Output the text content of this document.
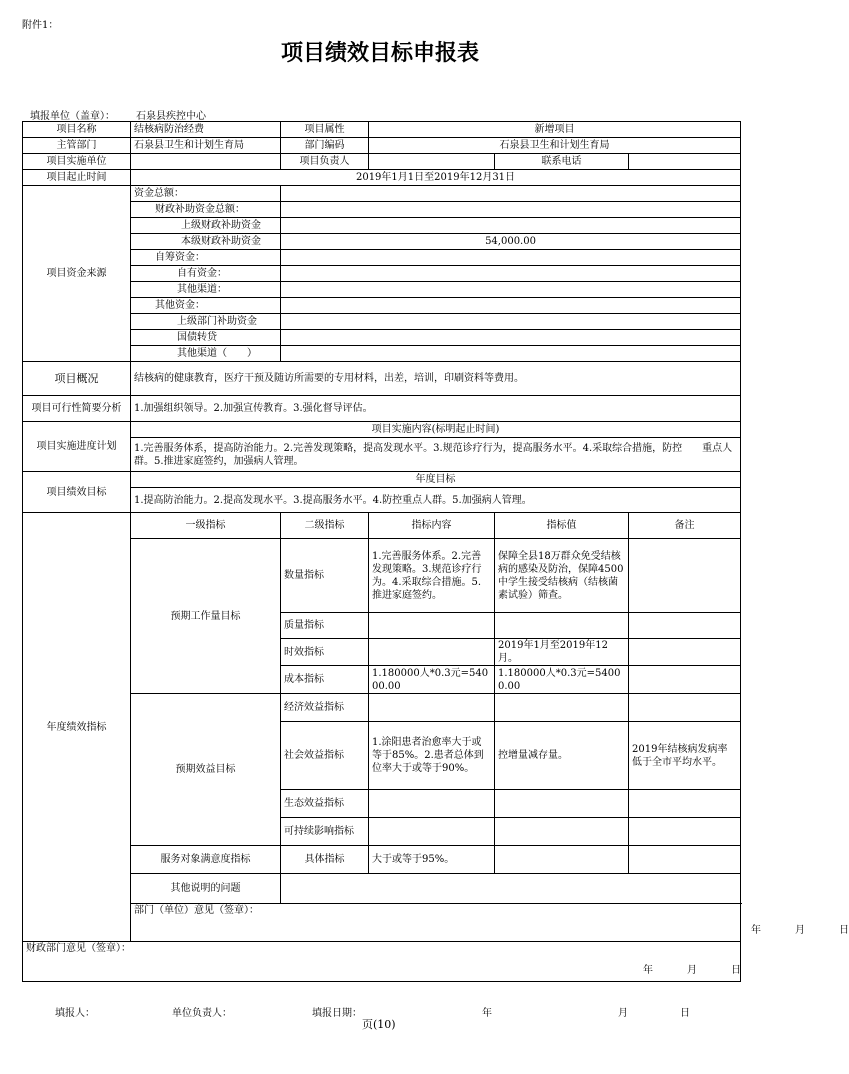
附件1：
项目绩效目标申报表
填报单位（盖章）： 石泉县疾控中心
项目名称	结核病防治经费	项目属性	新增项目		
主管部门	石泉县卫生和计划生育局	部门编码	石泉县卫生和计划生育局		
项目实施单位		项目负责人		联系电话	
项目起止时间	2019年1月1日至2019年12月31日				
项目资金来源	资金总额：				
	财政补助资金总额：				
	上级财政补助资金				
	本级财政补助资金	54,000.00			
	自筹资金：				
	自有资金：				
	其他渠道：				
	其他资金：				
	上级部门补助资金				
	国债转贷				
	其他渠道（　　）				
项目概况	结核病的健康教育，医疗干预及随访所需要的专用材料，出差，培训，印刷资料等费用。				
项目可行性简要分析	1.加强组织领导。2.加强宣传教育。3.强化督导评估。				
项目实施进度计划	项目实施内容(标明起止时间)				
	1.完善服务体系，提高防治能力。2.完善发现策略，提高发现水平。3.规范诊疗行为，提高服务水平。4.采取综合措施，防控　　重点人群。5.推进家庭签约，加强病人管理。				
项目绩效目标	年度目标				
	1.提高防治能力。2.提高发现水平。3.提高服务水平。4.防控重点人群。5.加强病人管理。				
年度绩效指标	一级指标	二级指标	指标内容	指标值	备注
	预期工作量目标	数量指标	1.完善服务体系。2.完善发现策略。3.规范诊疗行为。4.采取综合措施。5.推进家庭签约。	保障全县18万群众免受结核病的感染及防治，保障4500中学生接受结核病（结核菌素试验）筛查。	
		质量指标			
		时效指标		2019年1月至2019年12月。	
		成本指标	1.180000人*0.3元=54000.00	1.180000人*0.3元=54000.00	
	预期效益目标	经济效益指标			
		社会效益指标	1.涂阳患者治愈率大于或等于85%。2.患者总体到位率大于或等于90%。	控增量减存量。	2019年结核病发病率低于全市平均水平。
		生态效益指标			
		可持续影响指标			
	服务对象满意度指标	具体指标	大于或等于95%。		
	其他说明的问题				
	部门（单位）意见（签章）：
年 月 日				

财政部门意见（签章）：
年 月 日					
填报人：	单位负责人：	填报日期：	年	月	日
页(10)
